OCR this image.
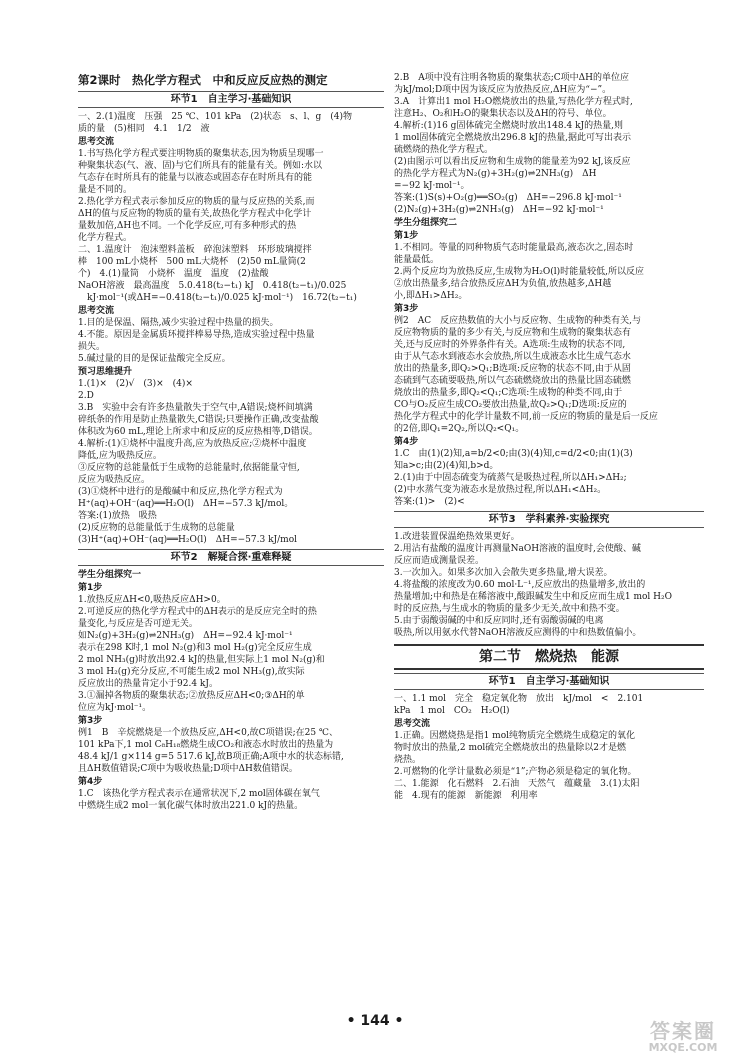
第2课时　热化学方程式　中和反应反应热的测定
环节1　自主学习·基础知识

一、2.(1)温度　压强　25 ℃、101 kPa　(2)状态　s、l、g　(4)物

质的量　(5)相同　4.1　1/2　液

思考交流

1.书写热化学方程式要注明物质的聚集状态,因为物质呈现哪一

种聚集状态(气、液、固)与它们所具有的能量有关。例如:水以

气态存在时所具有的能量与以液态或固态存在时所具有的能

量是不同的。

2.热化学方程式表示参加反应的物质的量与反应热的关系,而

ΔH的值与反应物的物质的量有关,故热化学方程式中化学计

量数加倍,ΔH也不同。一个化学反应,可有多种形式的热

化学方程式。

二、1.温度计　泡沫塑料盖板　碎泡沫塑料　环形玻璃搅拌

棒　100 mL小烧杯　500 mL大烧杯　(2)50 mL量筒(2

个)　4.(1)量筒　小烧杯　温度　温度　(2)盐酸

NaOH溶液　最高温度　5.0.418(t₂−t₁) kJ　0.418(t₂−t₁)/0.025

　kJ·mol⁻¹(或ΔH=−0.418(t₂−t₁)/0.025 kJ·mol⁻¹)　16.72(t₂−t₁)

思考交流

1.目的是保温、隔热,减少实验过程中热量的损失。

4.不能。原因是金属质环搅拌棒易导热,造成实验过程中热量

损失。

5.碱过量的目的是保证盐酸完全反应。

预习思维提升

1.(1)×　(2)√　(3)×　(4)×

2.D

3.B　实验中会有许多热量散失于空气中,A错误;烧杯间填满

碎纸条的作用是防止热量散失,C错误;只要操作正确,改变盐酸

体积改为60 mL,理论上所求中和反应的反应热相等,D错误。

4.解析:(1)①烧杯中温度升高,应为放热反应;②烧杯中温度

降低,应为吸热反应。

③反应物的总能量低于生成物的总能量时,依据能量守恒,

反应为吸热反应。

(3)①烧杯中进行的是酸碱中和反应,热化学方程式为

H⁺(aq)+OH⁻(aq)══H₂O(l)　ΔH=−57.3 kJ/mol。

答案:(1)放热　吸热

(2)反应物的总能量低于生成物的总能量

(3)H⁺(aq)+OH⁻(aq)══H₂O(l)　ΔH=−57.3 kJ/mol

环节2　解疑合探·重难释疑
学生分组探究一
第1步

1.放热反应ΔH<0,吸热反应ΔH>0。

2.可逆反应的热化学方程式中的ΔH表示的是反应完全时的热

量变化,与反应是否可逆无关。

如N₂(g)+3H₂(g)⇌2NH₃(g)　ΔH=−92.4 kJ·mol⁻¹

表示在298 K时,1 mol N₂(g)和3 mol H₂(g)完全反应生成

2 mol NH₃(g)时放出92.4 kJ的热量,但实际上1 mol N₂(g)和

3 mol H₂(g)充分反应,不可能生成2 mol NH₃(g),故实际

反应放出的热量肯定小于92.4 kJ。

3.①漏掉各物质的聚集状态;②放热反应ΔH<0;③ΔH的单

位应为kJ·mol⁻¹。

第3步

例1　B　辛烷燃烧是一个放热反应,ΔH<0,故C项错误;在25 ℃、

101 kPa下,1 mol C₈H₁₈燃烧生成CO₂和液态水时放出的热量为

48.4 kJ/1 g×114 g=5 517.6 kJ,故B项正确;A项中水的状态标错,

且ΔH数值错误;C项中为吸收热量;D项中ΔH数值错误。

第4步

1.C　该热化学方程式表示在通常状况下,2 mol固体碳在氧气

中燃烧生成2 mol一氧化碳气体时放出221.0 kJ的热量。

2.B　A项中没有注明各物质的聚集状态;C项中ΔH的单位应

为kJ/mol;D项中因为该反应为放热反应,ΔH应为“−”。

3.A　计算出1 mol H₂O燃烧放出的热量,写热化学方程式时,

注意H₂、O₂和H₂O的聚集状态以及ΔH的符号、单位。

4.解析:(1)16 g固体硫完全燃烧时放出148.4 kJ的热量,则

1 mol固体硫完全燃烧放出296.8 kJ的热量,据此可写出表示

硫燃烧的热化学方程式。

(2)由图示可以看出反应物和生成物的能量差为92 kJ,该反应

的热化学方程式为N₂(g)+3H₂(g)⇌2NH₃(g)　ΔH

=−92 kJ·mol⁻¹。

答案:(1)S(s)+O₂(g)══SO₂(g)　ΔH=−296.8 kJ·mol⁻¹

(2)N₂(g)+3H₂(g)⇌2NH₃(g)　ΔH=−92 kJ·mol⁻¹

学生分组探究二
第1步

1.不相同。等量的同种物质气态时能量最高,液态次之,固态时

能量最低。

2.两个反应均为放热反应,生成物为H₂O(l)时能量较低,所以反应

②放出热量多,结合放热反应ΔH为负值,放热越多,ΔH越

小,即ΔH₁>ΔH₂。

第3步

例2　AC　反应热数值的大小与反应物、生成物的种类有关,与

反应物物质的量的多少有关,与反应物和生成物的聚集状态有

关,还与反应时的外界条件有关。A选项:生成物的状态不同,

由于从气态水到液态水会放热,所以生成液态水比生成气态水

放出的热量多,即Q₂>Q₁;B选项:反应物的状态不同,由于从固

态硫到气态硫要吸热,所以气态硫燃烧放出的热量比固态硫燃

烧放出的热量多,即Q₂<Q₁;C选项:生成物的种类不同,由于

CO与O₂反应生成CO₂要放出热量,故Q₂>Q₁;D选项:反应的

热化学方程式中的化学计量数不同,前一反应的物质的量是后一反应

的2倍,即Q₁=2Q₂,所以Q₂<Q₁。

第4步

1.C　由(1)(2)知,a=b/2<0;由(3)(4)知,c=d/2<0;由(1)(3)

知a>c;由(2)(4)知,b>d。

2.(1)由于中固态硫变为硫蒸气是吸热过程,所以ΔH₁>ΔH₂;

(2)中水蒸气变为液态水是放热过程,所以ΔH₁<ΔH₂。

答案:(1)>　(2)<

环节3　学科素养·实验探究

1.改进装置保温绝热效果更好。

2.用沾有盐酸的温度计再测量NaOH溶液的温度时,会使酸、碱

反应而造成测量误差。

3.一次加入。如果多次加入会散失更多热量,增大误差。

4.将盐酸的浓度改为0.60 mol·L⁻¹,反应放出的热量增多,放出的

热量增加;中和热是在稀溶液中,酸跟碱发生中和反应而生成1 mol H₂O

时的反应热,与生成水的物质的量多少无关,故中和热不变。

5.由于弱酸弱碱的中和反应同时,还有弱酸弱碱的电离

吸热,所以用氨水代替NaOH溶液反应测得的中和热数值偏小。

第二节　燃烧热　能源
环节1　自主学习·基础知识

一、1.1 mol　完全　稳定氧化物　放出　kJ/mol　<　2.101

kPa　1 mol　CO₂　H₂O(l)

思考交流

1.正确。因燃烧热是指1 mol纯物质完全燃烧生成稳定的氧化

物时放出的热量,2 mol硫完全燃烧放出的热量除以2才是燃

烧热。

2.可燃物的化学计量数必须是“1”;产物必须是稳定的氧化物。

二、1.能源　化石燃料　2.石油　天然气　蕴藏量　3.(1)太阳

能　4.现有的能源　新能源　利用率

• 144 •	答案圈
MXQE.COM
